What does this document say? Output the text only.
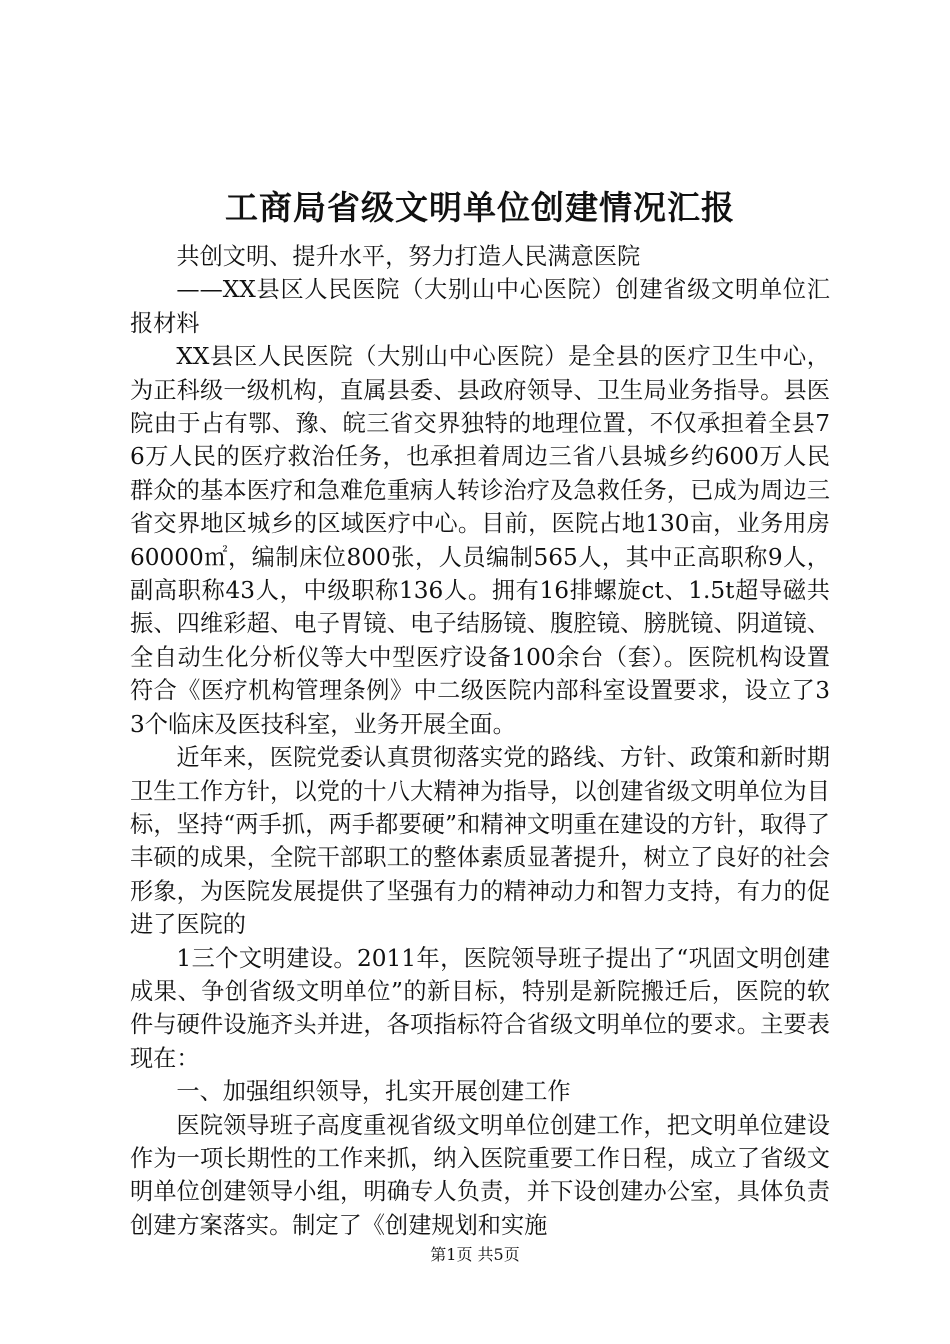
工商局省级文明单位创建情况汇报

共创文明、提升水平，努力打造人民满意医院

——XX县区人民医院（大别山中心医院）创建省级文明单位汇报材料

XX县区人民医院（大别山中心医院）是全县的医疗卫生中心，为正科级一级机构，直属县委、县政府领导、卫生局业务指导。县医院由于占有鄂、豫、皖三省交界独特的地理位置，不仅承担着全县76万人民的医疗救治任务，也承担着周边三省八县城乡约600万人民群众的基本医疗和急难危重病人转诊治疗及急救任务，已成为周边三省交界地区城乡的区域医疗中心。目前，医院占地130亩，业务用房60000㎡，编制床位800张，人员编制565人，其中正高职称9人，副高职称43人，中级职称136人。拥有16排螺旋ct、1.5t超导磁共振、四维彩超、电子胃镜、电子结肠镜、腹腔镜、膀胱镜、阴道镜、全自动生化分析仪等大中型医疗设备100余台（套）。医院机构设置符合《医疗机构管理条例》中二级医院内部科室设置要求，设立了33个临床及医技科室，业务开展全面。

近年来，医院党委认真贯彻落实党的路线、方针、政策和新时期卫生工作方针，以党的十八大精神为指导，以创建省级文明单位为目标，坚持“两手抓，两手都要硬”和精神文明重在建设的方针，取得了丰硕的成果，全院干部职工的整体素质显著提升，树立了良好的社会形象，为医院发展提供了坚强有力的精神动力和智力支持，有力的促进了医院的

1三个文明建设。2011年，医院领导班子提出了“巩固文明创建成果、争创省级文明单位”的新目标，特别是新院搬迁后，医院的软件与硬件设施齐头并进，各项指标符合省级文明单位的要求。主要表现在：

一、加强组织领导，扎实开展创建工作

医院领导班子高度重视省级文明单位创建工作，把文明单位建设作为一项长期性的工作来抓，纳入医院重要工作日程，成立了省级文明单位创建领导小组，明确专人负责，并下设创建办公室，具体负责创建方案落实。制定了《创建规划和实施

第1页 共5页
